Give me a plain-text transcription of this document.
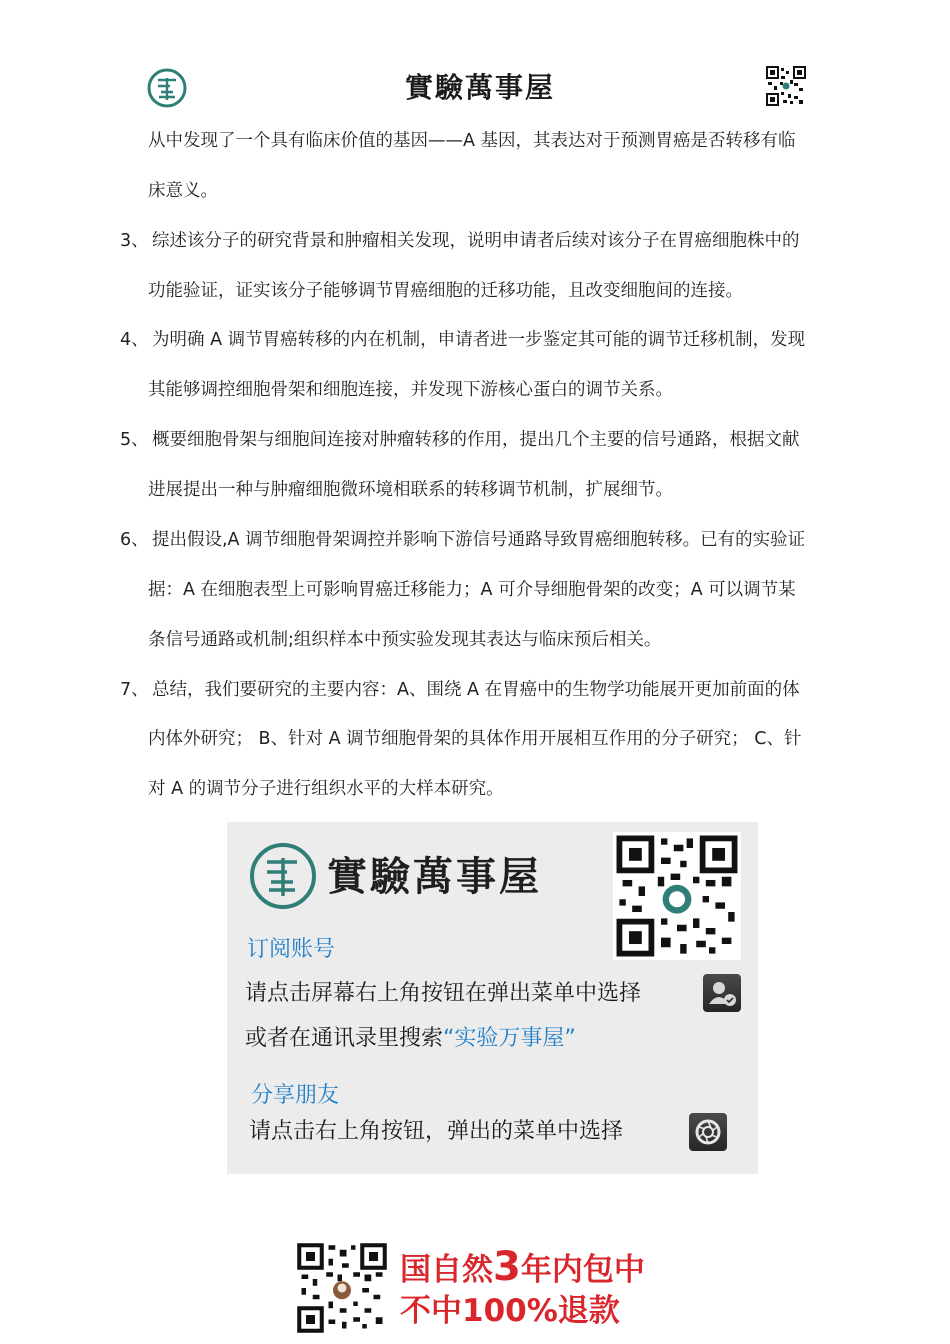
實驗萬事屋
从中发现了一个具有临床价值的基因——A 基因，其表达对于预测胃癌是否转移有临
床意义。
3、 综述该分子的研究背景和肿瘤相关发现，说明申请者后续对该分子在胃癌细胞株中的
功能验证，证实该分子能够调节胃癌细胞的迁移功能，且改变细胞间的连接。
4、 为明确 A 调节胃癌转移的内在机制，申请者进一步鉴定其可能的调节迁移机制，发现
其能够调控细胞骨架和细胞连接，并发现下游核心蛋白的调节关系。
5、 概要细胞骨架与细胞间连接对肿瘤转移的作用，提出几个主要的信号通路，根据文献
进展提出一种与肿瘤细胞微环境相联系的转移调节机制，扩展细节。
6、 提出假设,A 调节细胞骨架调控并影响下游信号通路导致胃癌细胞转移。已有的实验证
据：A 在细胞表型上可影响胃癌迁移能力；A 可介导细胞骨架的改变；A 可以调节某
条信号通路或机制;组织样本中预实验发现其表达与临床预后相关。
7、 总结，我们要研究的主要内容：A、围绕 A 在胃癌中的生物学功能展开更加前面的体
内体外研究； B、针对 A 调节细胞骨架的具体作用开展相互作用的分子研究； C、针
对 A 的调节分子进行组织水平的大样本研究。
實驗萬事屋
订阅账号
请点击屏幕右上角按钮在弹出菜单中选择
或者在通讯录里搜索“实验万事屋”
分享朋友
请点击右上角按钮，弹出的菜单中选择
国自然3年内包中
不中100%退款
